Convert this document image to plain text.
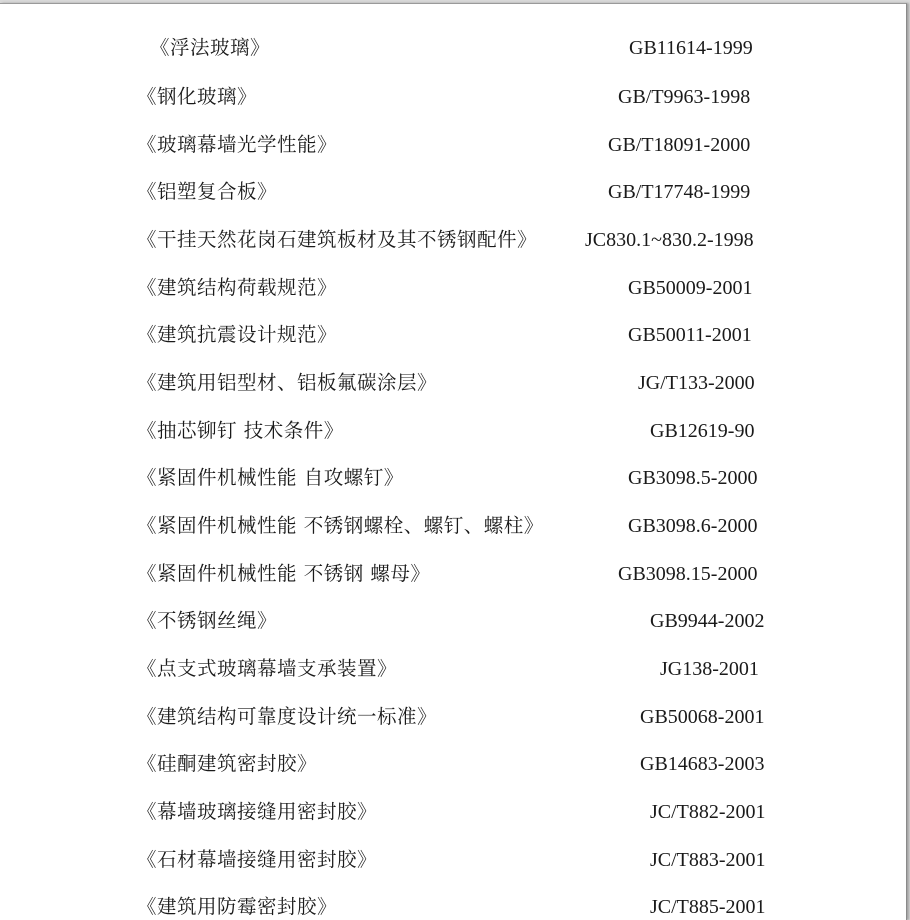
《浮法玻璃》	GB11614-1999
《钢化玻璃》	GB/T9963-1998
《玻璃幕墙光学性能》	GB/T18091-2000
《铝塑复合板》	GB/T17748-1999
《干挂天然花岗石建筑板材及其不锈钢配件》 JC830.1~830.2-1998
《建筑结构荷载规范》	GB50009-2001
《建筑抗震设计规范》	GB50011-2001
《建筑用铝型材、铝板氟碳涂层》	JG/T133-2000
《抽芯铆钉 技术条件》	GB12619-90
《紧固件机械性能 自攻螺钉》	GB3098.5-2000
《紧固件机械性能 不锈钢螺栓、螺钉、螺柱》	GB3098.6-2000
《紧固件机械性能 不锈钢 螺母》	GB3098.15-2000
《不锈钢丝绳》	GB9944-2002
《点支式玻璃幕墙支承装置》	JG138-2001
《建筑结构可靠度设计统一标准》	GB50068-2001
《硅酮建筑密封胶》	GB14683-2003
《幕墙玻璃接缝用密封胶》	JC/T882-2001
《石材幕墙接缝用密封胶》	JC/T883-2001
《建筑用防霉密封胶》	JC/T885-2001
